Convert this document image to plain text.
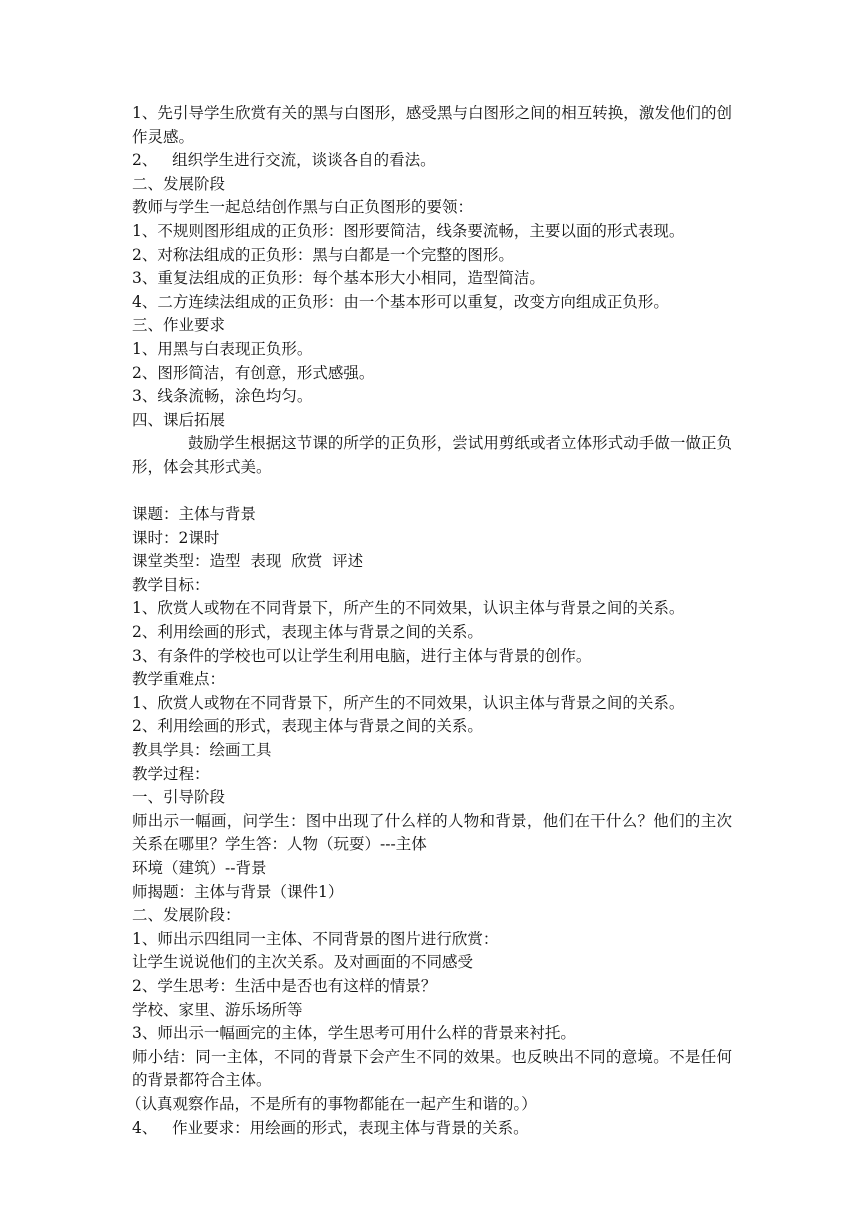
1、先引导学生欣赏有关的黑与白图形，感受黑与白图形之间的相互转换，激发他们的创作灵感。
2、   组织学生进行交流，谈谈各自的看法。
二、发展阶段
教师与学生一起总结创作黑与白正负图形的要领：
1、不规则图形组成的正负形：图形要简洁，线条要流畅，主要以面的形式表现。
2、对称法组成的正负形：黑与白都是一个完整的图形。
3、重复法组成的正负形：每个基本形大小相同，造型简洁。
4、二方连续法组成的正负形：由一个基本形可以重复，改变方向组成正负形。
三、作业要求
1、用黑与白表现正负形。
2、图形简洁，有创意，形式感强。
3、线条流畅，涂色均匀。
四、课后拓展
鼓励学生根据这节课的所学的正负形，尝试用剪纸或者立体形式动手做一做正负形，体会其形式美。
课题：主体与背景
课时：2课时
课堂类型：造型  表现  欣赏  评述
教学目标：
1、欣赏人或物在不同背景下，所产生的不同效果，认识主体与背景之间的关系。
2、利用绘画的形式，表现主体与背景之间的关系。
3、有条件的学校也可以让学生利用电脑，进行主体与背景的创作。
教学重难点：
1、欣赏人或物在不同背景下，所产生的不同效果，认识主体与背景之间的关系。
2、利用绘画的形式，表现主体与背景之间的关系。
教具学具：绘画工具
教学过程：
一、引导阶段
师出示一幅画，问学生：图中出现了什么样的人物和背景，他们在干什么？他们的主次关系在哪里？学生答：人物（玩耍）---主体
环境（建筑）--背景
师揭题：主体与背景（课件1）
二、发展阶段：
1、师出示四组同一主体、不同背景的图片进行欣赏：
让学生说说他们的主次关系。及对画面的不同感受
2、学生思考：生活中是否也有这样的情景？
学校、家里、游乐场所等
3、师出示一幅画完的主体，学生思考可用什么样的背景来衬托。
师小结：同一主体，不同的背景下会产生不同的效果。也反映出不同的意境。不是任何的背景都符合主体。
（认真观察作品，不是所有的事物都能在一起产生和谐的。）
4、   作业要求：用绘画的形式，表现主体与背景的关系。
